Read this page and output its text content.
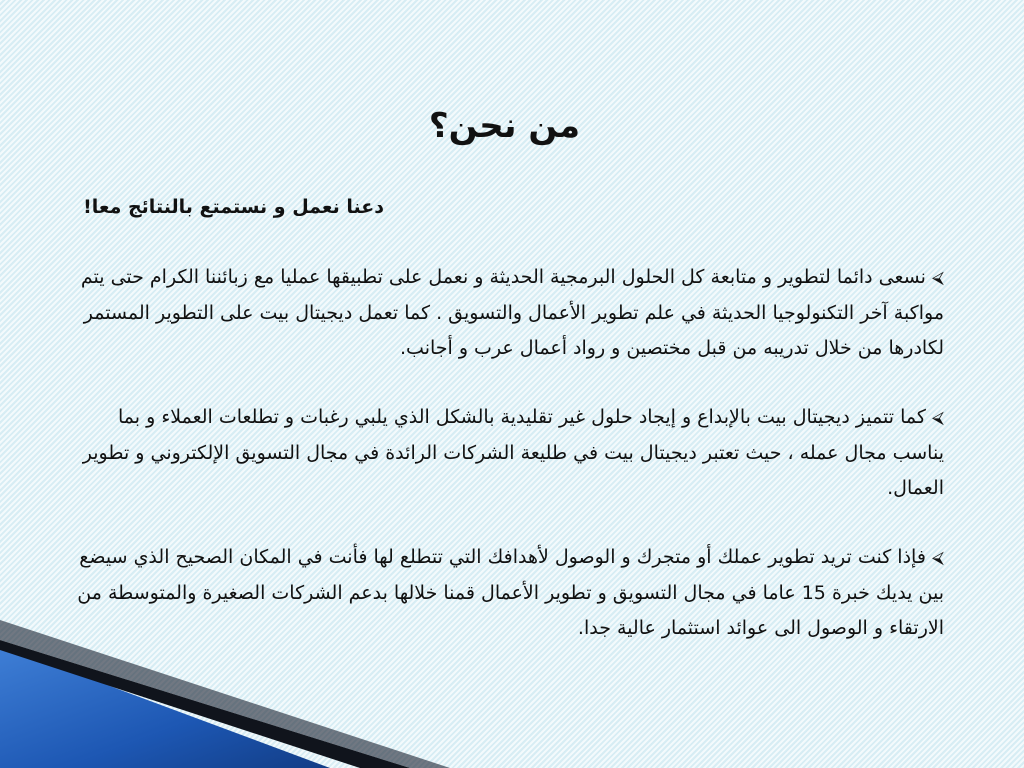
من نحن؟
دعنا نعمل و نستمتع بالنتائج معا!

⮘نسعى دائما لتطوير و متابعة كل الحلول البرمجية الحديثة و نعمل على تطبيقها عمليا مع زبائننا الكرام حتى يتم مواكبة آخر التكنولوجيا الحديثة في علم تطوير الأعمال والتسويق . كما تعمل ديجيتال بيت على التطوير المستمر لكادرها من خلال تدريبه من قبل مختصين و رواد أعمال عرب و أجانب.

⮘كما تتميز ديجيتال بيت بالإبداع و إيجاد حلول غير تقليدية بالشكل الذي يلبي رغبات و تطلعات العملاء و بما يناسب مجال عمله ، حيث تعتبر ديجيتال بيت في طليعة الشركات الرائدة في مجال التسويق الإلكتروني و تطوير العمال.

⮘فإذا كنت تريد تطوير عملك أو متجرك و الوصول لأهدافك التي تتطلع لها فأنت في المكان الصحيح الذي سيضع بين يديك خبرة 15 عاما في مجال التسويق و تطوير الأعمال قمنا خلالها بدعم الشركات الصغيرة والمتوسطة من الارتقاء و الوصول الى عوائد استثمار عالية جدا.
